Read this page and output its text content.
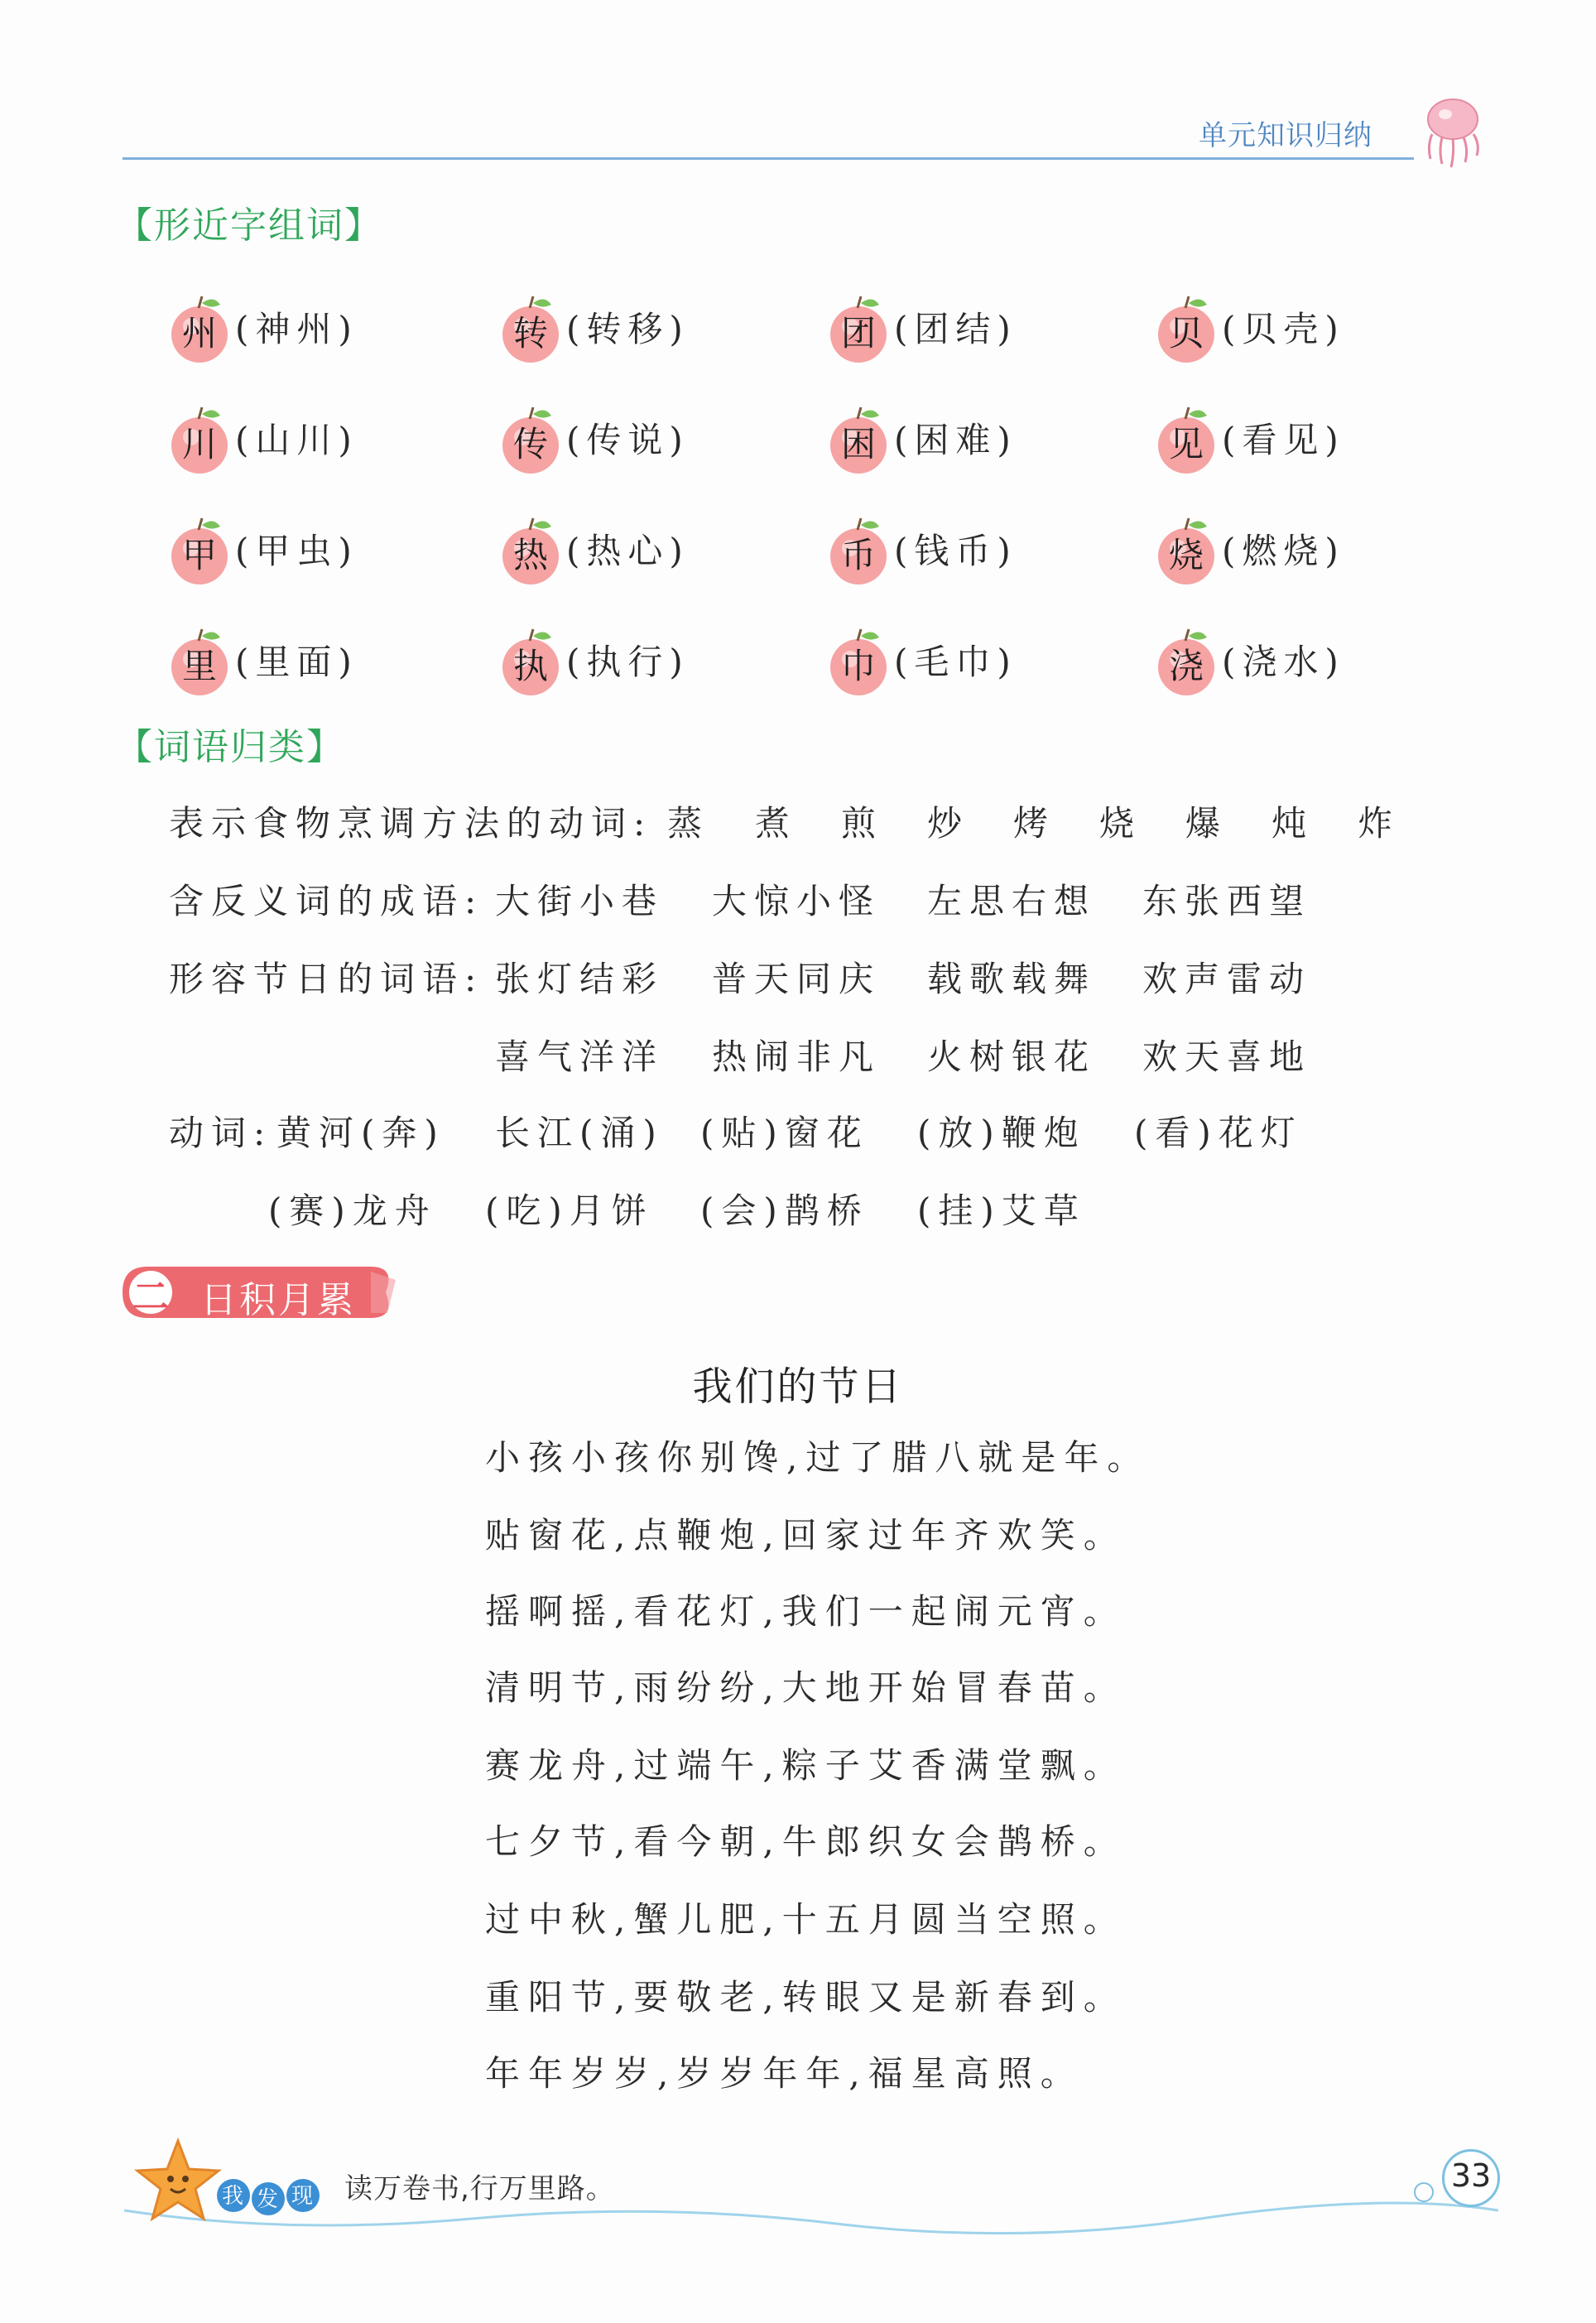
单元知识归纳
【形近字组词】
州 (神州)	转 (转移)	团 (团结)	贝 (贝壳)
川 (山川)	传 (传说)	困 (困难)	见 (看见)
甲 (甲虫)	热 (热心)	币 (钱币)	烧 (燃烧)
里 (里面)	执 (执行)	巾 (毛巾)	浇 (浇水)
【词语归类】
表示食物烹调方法的动词: 蒸 煮 煎 炒 烤 烧 爆 炖 炸
含反义词的成语: 大街小巷 大惊小怪 左思右想 东张西望
形容节日的词语: 张灯结彩 普天同庆 载歌载舞 欢声雷动
喜气洋洋 热闹非凡 火树银花 欢天喜地
动词: 黄河(奔) 长江(涌) (贴)窗花 (放)鞭炮 (看)花灯
(赛)龙舟 (吃)月饼 (会)鹊桥 (挂)艾草
二 日积月累
我们的节日
小孩小孩你别馋,过了腊八就是年。
贴窗花,点鞭炮,回家过年齐欢笑。
摇啊摇,看花灯,我们一起闹元宵。
清明节,雨纷纷,大地开始冒春苗。
赛龙舟,过端午,粽子艾香满堂飘。
七夕节,看今朝,牛郎织女会鹊桥。
过中秋,蟹儿肥,十五月圆当空照。
重阳节,要敬老,转眼又是新春到。
年年岁岁,岁岁年年,福星高照。
我 发 现 读万卷书,行万里路。	33
